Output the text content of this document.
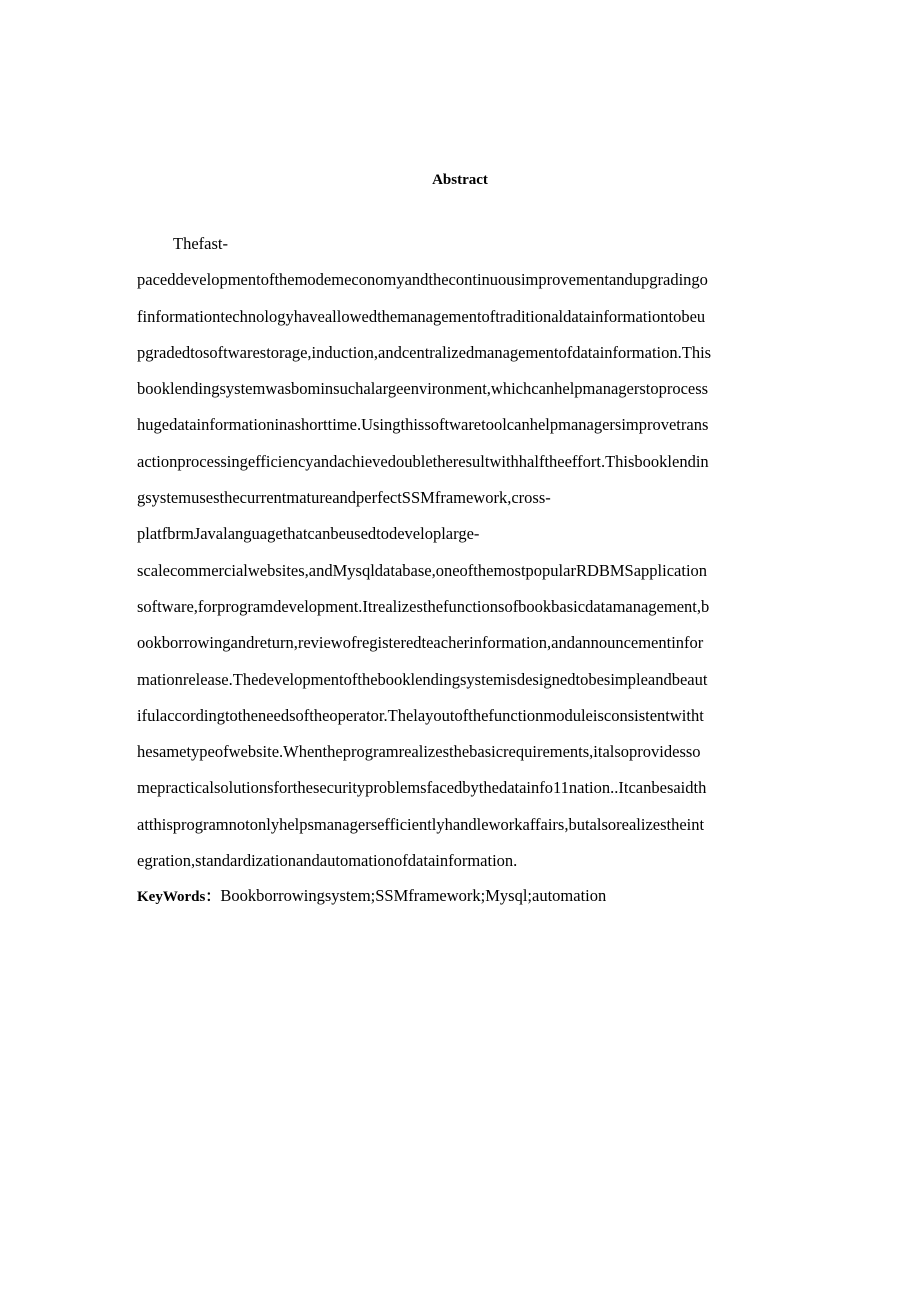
Abstract
Thefast-
paceddevelopmentofthemodemeconomyandthecontinuousimprovementandupgradingo
finformationtechnologyhaveallowedthemanagementoftraditionaldatainformationtobeu
pgradedtosoftwarestorage,induction,andcentralizedmanagementofdatainformation.This
booklendingsystemwasbominsuchalargeenvironment,whichcanhelpmanagerstoprocess
hugedatainformationinashorttime.Usingthissoftwaretoolcanhelpmanagersimprovetrans
actionprocessingefficiencyandachievedoubletheresultwithhalftheeffort.Thisbooklendin
gsystemusesthecurrentmatureandperfectSSMframework,cross-
platfbrmJavalanguagethatcanbeusedtodeveloplarge-
scalecommercialwebsites,andMysqldatabase,oneofthemostpopularRDBMSapplication
software,forprogramdevelopment.Itrealizesthefunctionsofbookbasicdatamanagement,b
ookborrowingandreturn,reviewofregisteredteacherinformation,andannouncementinfor
mationrelease.Thedevelopmentofthebooklendingsystemisdesignedtobesimpleandbeaut
ifulaccordingtotheneedsoftheoperator.Thelayoutofthefunctionmoduleisconsistentwitht
hesametypeofwebsite.Whentheprogramrealizesthebasicrequirements,italsoprovidesso
mepracticalsolutionsforthesecurityproblemsfacedbythedatainfo11nation..Itcanbesaidth
atthisprogramnotonlyhelpsmanagersefficientlyhandleworkaffairs,butalsorealizestheint
egration,standardizationandautomationofdatainformation.
KeyWords：Bookborrowingsystem;SSMframework;Mysql;automation
